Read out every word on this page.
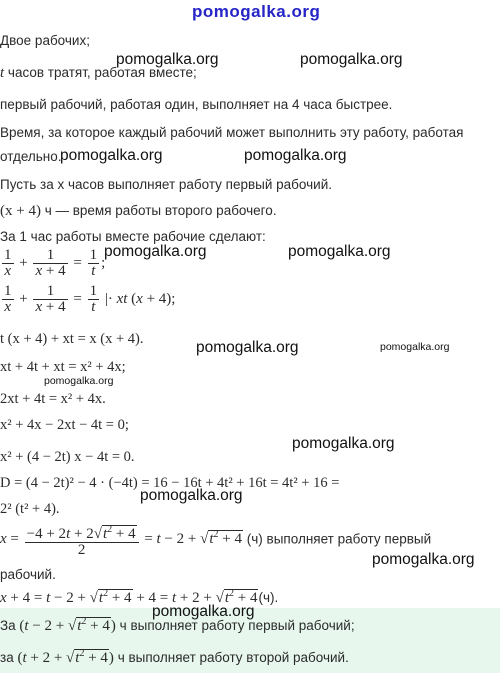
pomogalka.org
pomogalka.org	pomogalka.org
pomogalka.org	pomogalka.org
pomogalka.org	pomogalka.org
pomogalka.org	pomogalka.org
pomogalka.org
pomogalka.org
pomogalka.org
pomogalka.org
pomogalka.org
Двое рабочих;
t часов тратят, работая вместе;
первый рабочий, работая один, выполняет на 4 часа быстрее.
Время, за которое каждый рабочий может выполнить эту работу, работая
отдельно.
Пусть за x часов выполняет работу первый рабочий.
(x + 4) ч — время работы второго рабочего.
За 1 час работы вместе рабочие сделают:
$\frac{1}{x} + \frac{1}{x + 4} = \frac{1}{t}$ ;
$\frac{1}{x} + \frac{1}{x + 4} = \frac{1}{t}$ |· xt (x + 4);
t (x + 4) + xt = x (x + 4).
xt + 4t + xt = x² + 4x;
2xt + 4t = x² + 4x.
x² + 4x − 2xt − 4t = 0;
x² + (4 − 2t) x − 4t = 0.
D = (4 − 2t)² − 4 · (−4t) = 16 − 16t + 4t² + 16t = 4t² + 16 =
2² (t² + 4).
$x = \frac{-4 + 2t + 2√t^2 + 4}{2} = t - 2 + √t^2 + 4$ (ч) выполняет работу первый
рабочий.
$x + 4 = t - 2 + √t^2 + 4 + 4 = t + 2 + √t^2 + 4(ч)$.
За $(t - 2 + √t^2 + 4)$ ч выполняет работу первый рабочий;
за $(t + 2 + √t^2 + 4)$ ч выполняет работу второй рабочий.
